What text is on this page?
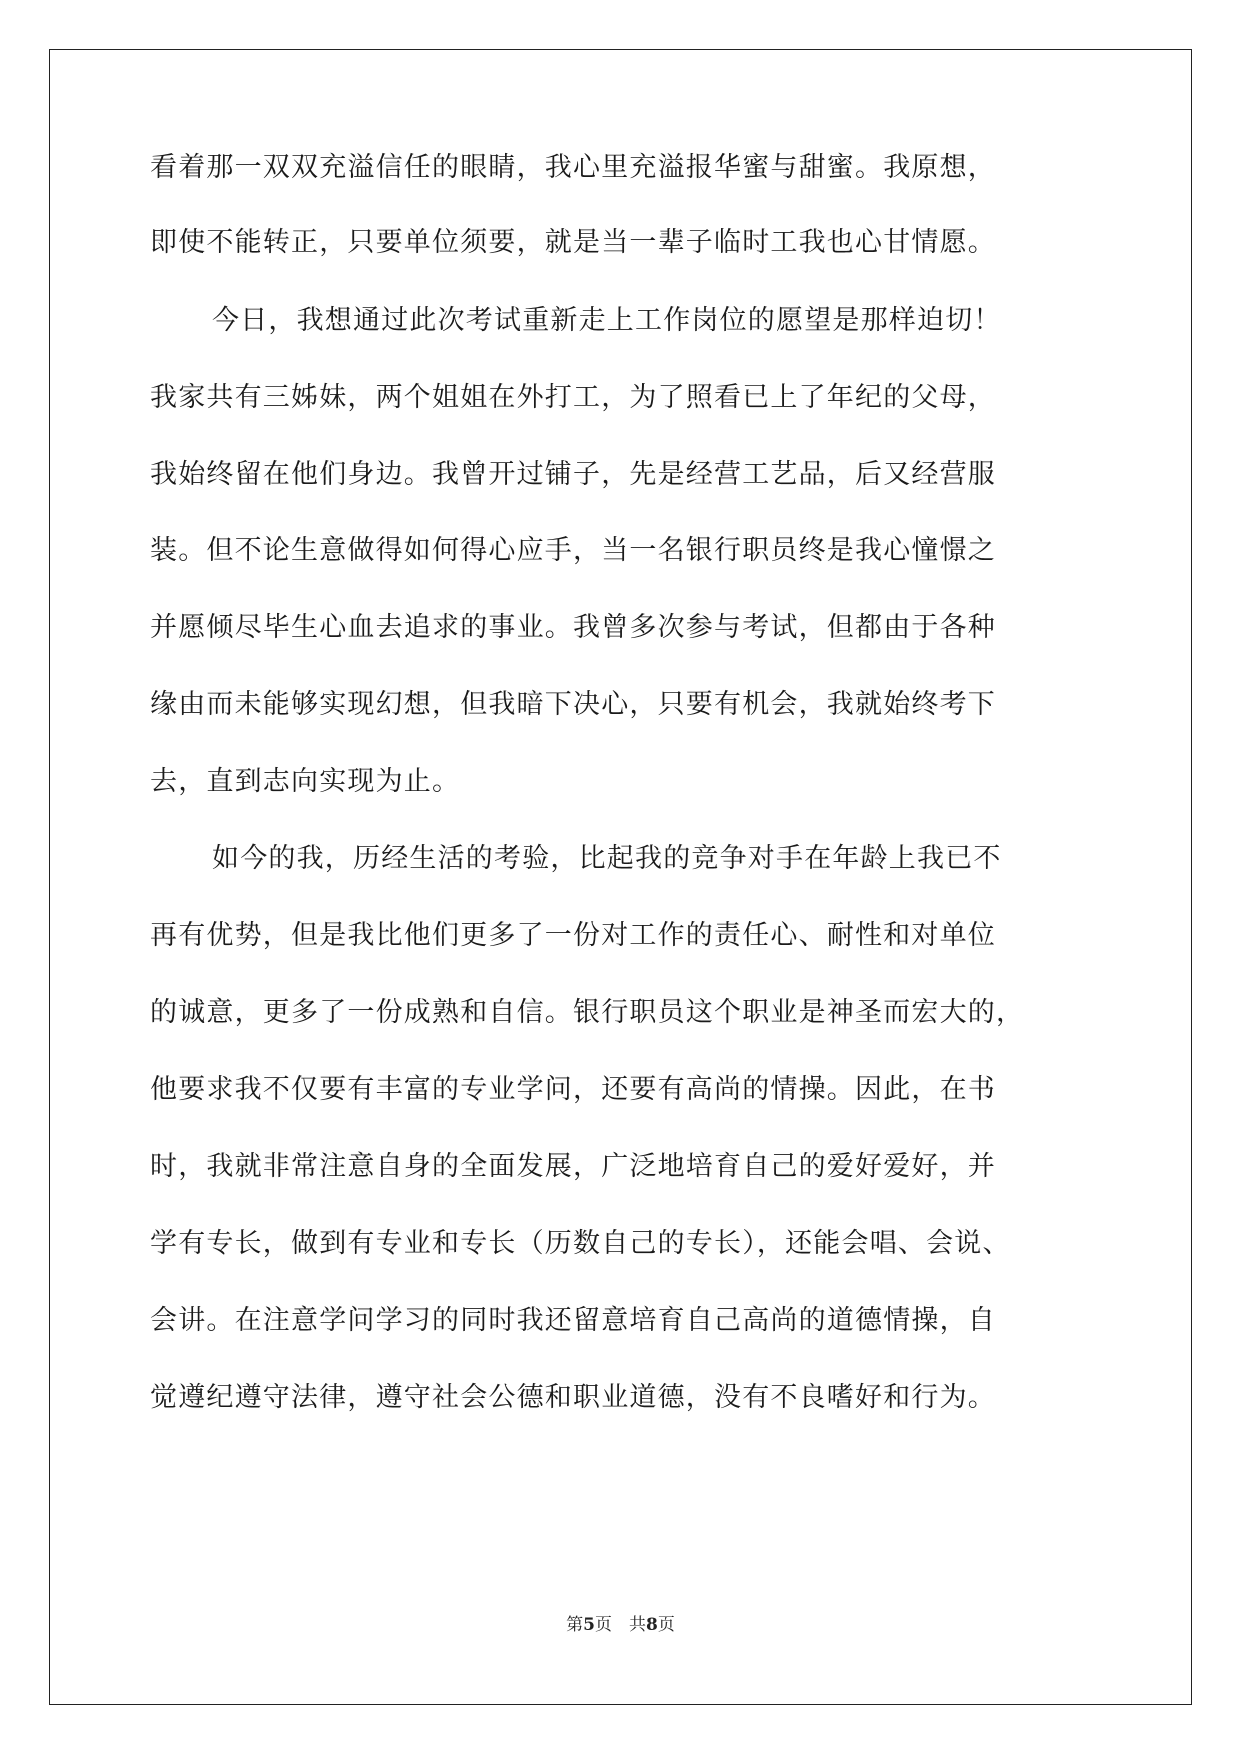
看着那一双双充溢信任的眼睛，我心里充溢报华蜜与甜蜜。我原想，
即使不能转正，只要单位须要，就是当一辈子临时工我也心甘情愿。
今日，我想通过此次考试重新走上工作岗位的愿望是那样迫切！
我家共有三姊妹，两个姐姐在外打工，为了照看已上了年纪的父母，
我始终留在他们身边。我曾开过铺子，先是经营工艺品，后又经营服
装。但不论生意做得如何得心应手，当一名银行职员终是我心憧憬之
并愿倾尽毕生心血去追求的事业。我曾多次参与考试，但都由于各种
缘由而未能够实现幻想，但我暗下决心，只要有机会，我就始终考下
去，直到志向实现为止。
如今的我，历经生活的考验，比起我的竞争对手在年龄上我已不
再有优势，但是我比他们更多了一份对工作的责任心、耐性和对单位
的诚意，更多了一份成熟和自信。银行职员这个职业是神圣而宏大的，
他要求我不仅要有丰富的专业学问，还要有高尚的情操。因此，在书
时，我就非常注意自身的全面发展，广泛地培育自己的爱好爱好，并
学有专长，做到有专业和专长（历数自己的专长），还能会唱、会说、
会讲。在注意学问学习的同时我还留意培育自己高尚的道德情操，自
觉遵纪遵守法律，遵守社会公德和职业道德，没有不良嗜好和行为。
第5页　共8页
